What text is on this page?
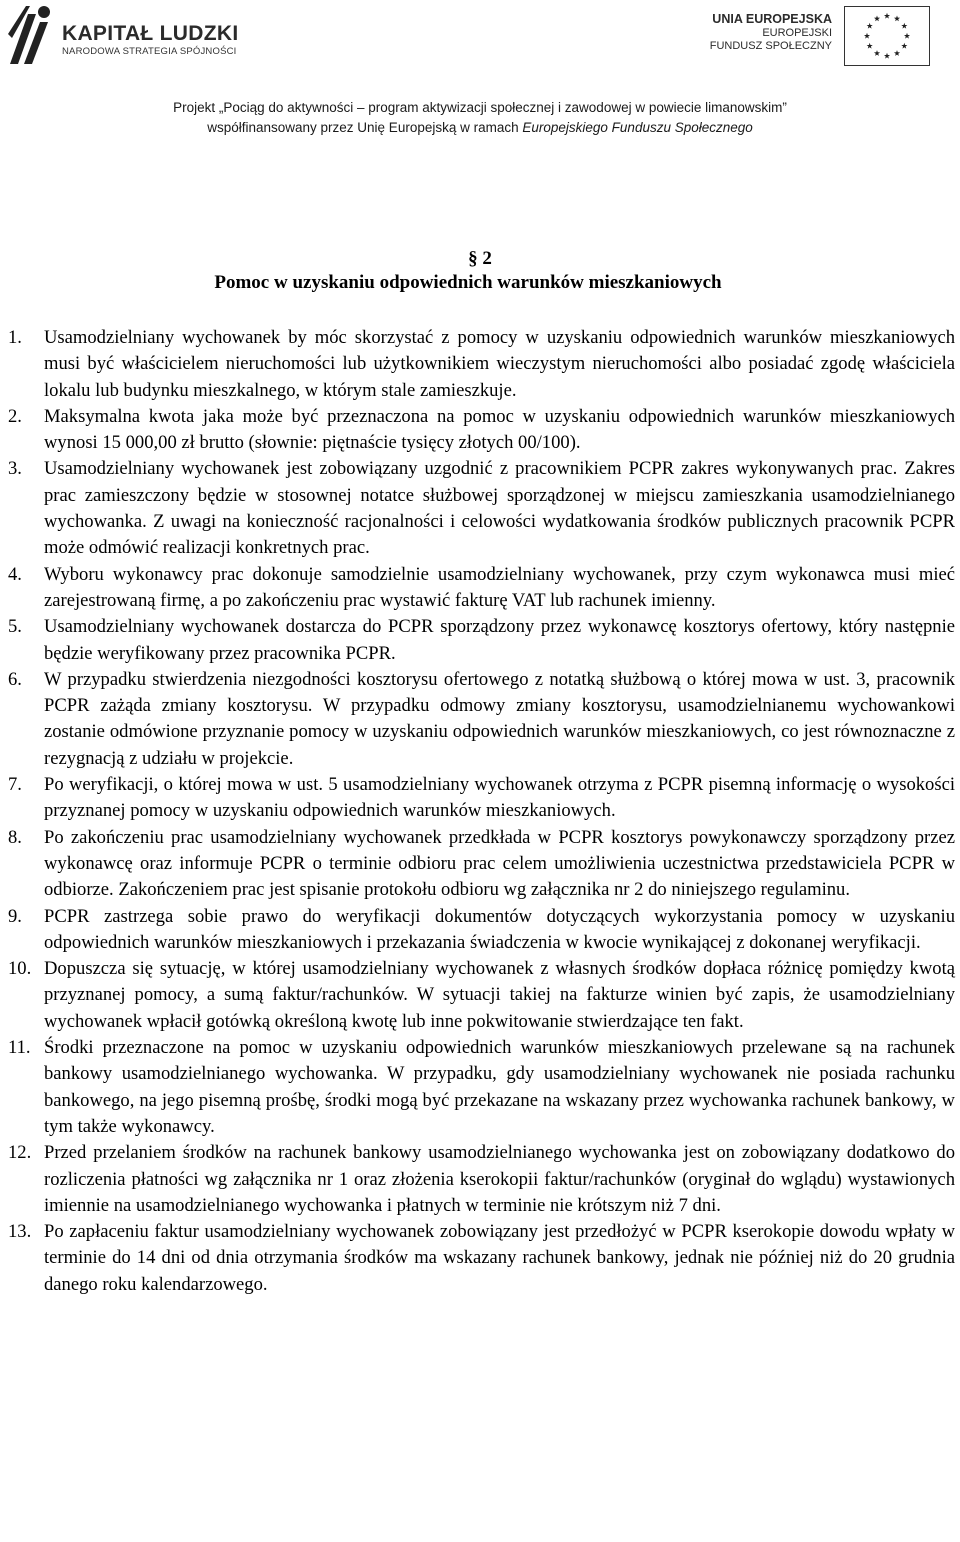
KAPITAŁ LUDZKI
NARODOWA STRATEGIA SPÓJNOŚCI
UNIA EUROPEJSKA
EUROPEJSKI
FUNDUSZ SPOŁECZNY
Projekt „Pociąg do aktywności – program aktywizacji społecznej i zawodowej w powiecie limanowskim”
współfinansowany przez Unię Europejską w ramach Europejskiego Funduszu Społecznego
§ 2
Pomoc w uzyskaniu odpowiednich warunków mieszkaniowych
1. Usamodzielniany wychowanek by móc skorzystać z pomocy w uzyskaniu odpowiednich warunków mieszkaniowych musi być właścicielem nieruchomości lub użytkownikiem wieczystym nieruchomości albo posiadać zgodę właściciela lokalu lub budynku mieszkalnego, w którym stale zamieszkuje.
2. Maksymalna kwota jaka może być przeznaczona na pomoc w uzyskaniu odpowiednich warunków mieszkaniowych wynosi 15 000,00 zł brutto (słownie: piętnaście tysięcy złotych 00/100).
3. Usamodzielniany wychowanek jest zobowiązany uzgodnić z pracownikiem PCPR zakres wykonywanych prac. Zakres prac zamieszczony będzie w stosownej notatce służbowej sporządzonej w miejscu zamieszkania usamodzielnianego wychowanka. Z uwagi na konieczność racjonalności i celowości wydatkowania środków publicznych pracownik PCPR może odmówić realizacji konkretnych prac.
4. Wyboru wykonawcy prac dokonuje samodzielnie usamodzielniany wychowanek, przy czym wykonawca musi mieć zarejestrowaną firmę, a po zakończeniu prac wystawić fakturę VAT lub rachunek imienny.
5. Usamodzielniany wychowanek dostarcza do PCPR sporządzony przez wykonawcę kosztorys ofertowy, który następnie będzie weryfikowany przez pracownika PCPR.
6. W przypadku stwierdzenia niezgodności kosztorysu ofertowego z notatką służbową o której mowa w ust. 3, pracownik PCPR zażąda zmiany kosztorysu. W przypadku odmowy zmiany kosztorysu, usamodzielnianemu wychowankowi zostanie odmówione przyznanie pomocy w uzyskaniu odpowiednich warunków mieszkaniowych, co jest równoznaczne z rezygnacją z udziału w projekcie.
7. Po weryfikacji, o której mowa w ust. 5 usamodzielniany wychowanek otrzyma z PCPR pisemną informację o wysokości przyznanej pomocy w uzyskaniu odpowiednich warunków mieszkaniowych.
8. Po zakończeniu prac usamodzielniany wychowanek przedkłada w PCPR kosztorys powykonawczy sporządzony przez wykonawcę oraz informuje PCPR o terminie odbioru prac celem umożliwienia uczestnictwa przedstawiciela PCPR w odbiorze. Zakończeniem prac jest spisanie protokołu odbioru wg załącznika nr 2 do niniejszego regulaminu.
9. PCPR zastrzega sobie prawo do weryfikacji dokumentów dotyczących wykorzystania pomocy w uzyskaniu odpowiednich warunków mieszkaniowych i przekazania świadczenia w kwocie wynikającej z dokonanej weryfikacji.
10. Dopuszcza się sytuację, w której usamodzielniany wychowanek z własnych środków dopłaca różnicę pomiędzy kwotą przyznanej pomocy, a sumą faktur/rachunków. W sytuacji takiej na fakturze winien być zapis, że usamodzielniany wychowanek wpłacił gotówką określoną kwotę lub inne pokwitowanie stwierdzające ten fakt.
11. Środki przeznaczone na pomoc w uzyskaniu odpowiednich warunków mieszkaniowych przelewane są na rachunek bankowy usamodzielnianego wychowanka. W przypadku, gdy usamodzielniany wychowanek nie posiada rachunku bankowego, na jego pisemną prośbę, środki mogą być przekazane na wskazany przez wychowanka rachunek bankowy, w tym także wykonawcy.
12. Przed przelaniem środków na rachunek bankowy usamodzielnianego wychowanka jest on zobowiązany dodatkowo do rozliczenia płatności wg załącznika nr 1 oraz złożenia kserokopii faktur/rachunków (oryginał do wglądu) wystawionych imiennie na usamodzielnianego wychowanka i płatnych w terminie nie krótszym niż 7 dni.
13. Po zapłaceniu faktur usamodzielniany wychowanek zobowiązany jest przedłożyć w PCPR kserokopie dowodu wpłaty w terminie do 14 dni od dnia otrzymania środków ma wskazany rachunek bankowy, jednak nie później niż do 20 grudnia danego roku kalendarzowego.
